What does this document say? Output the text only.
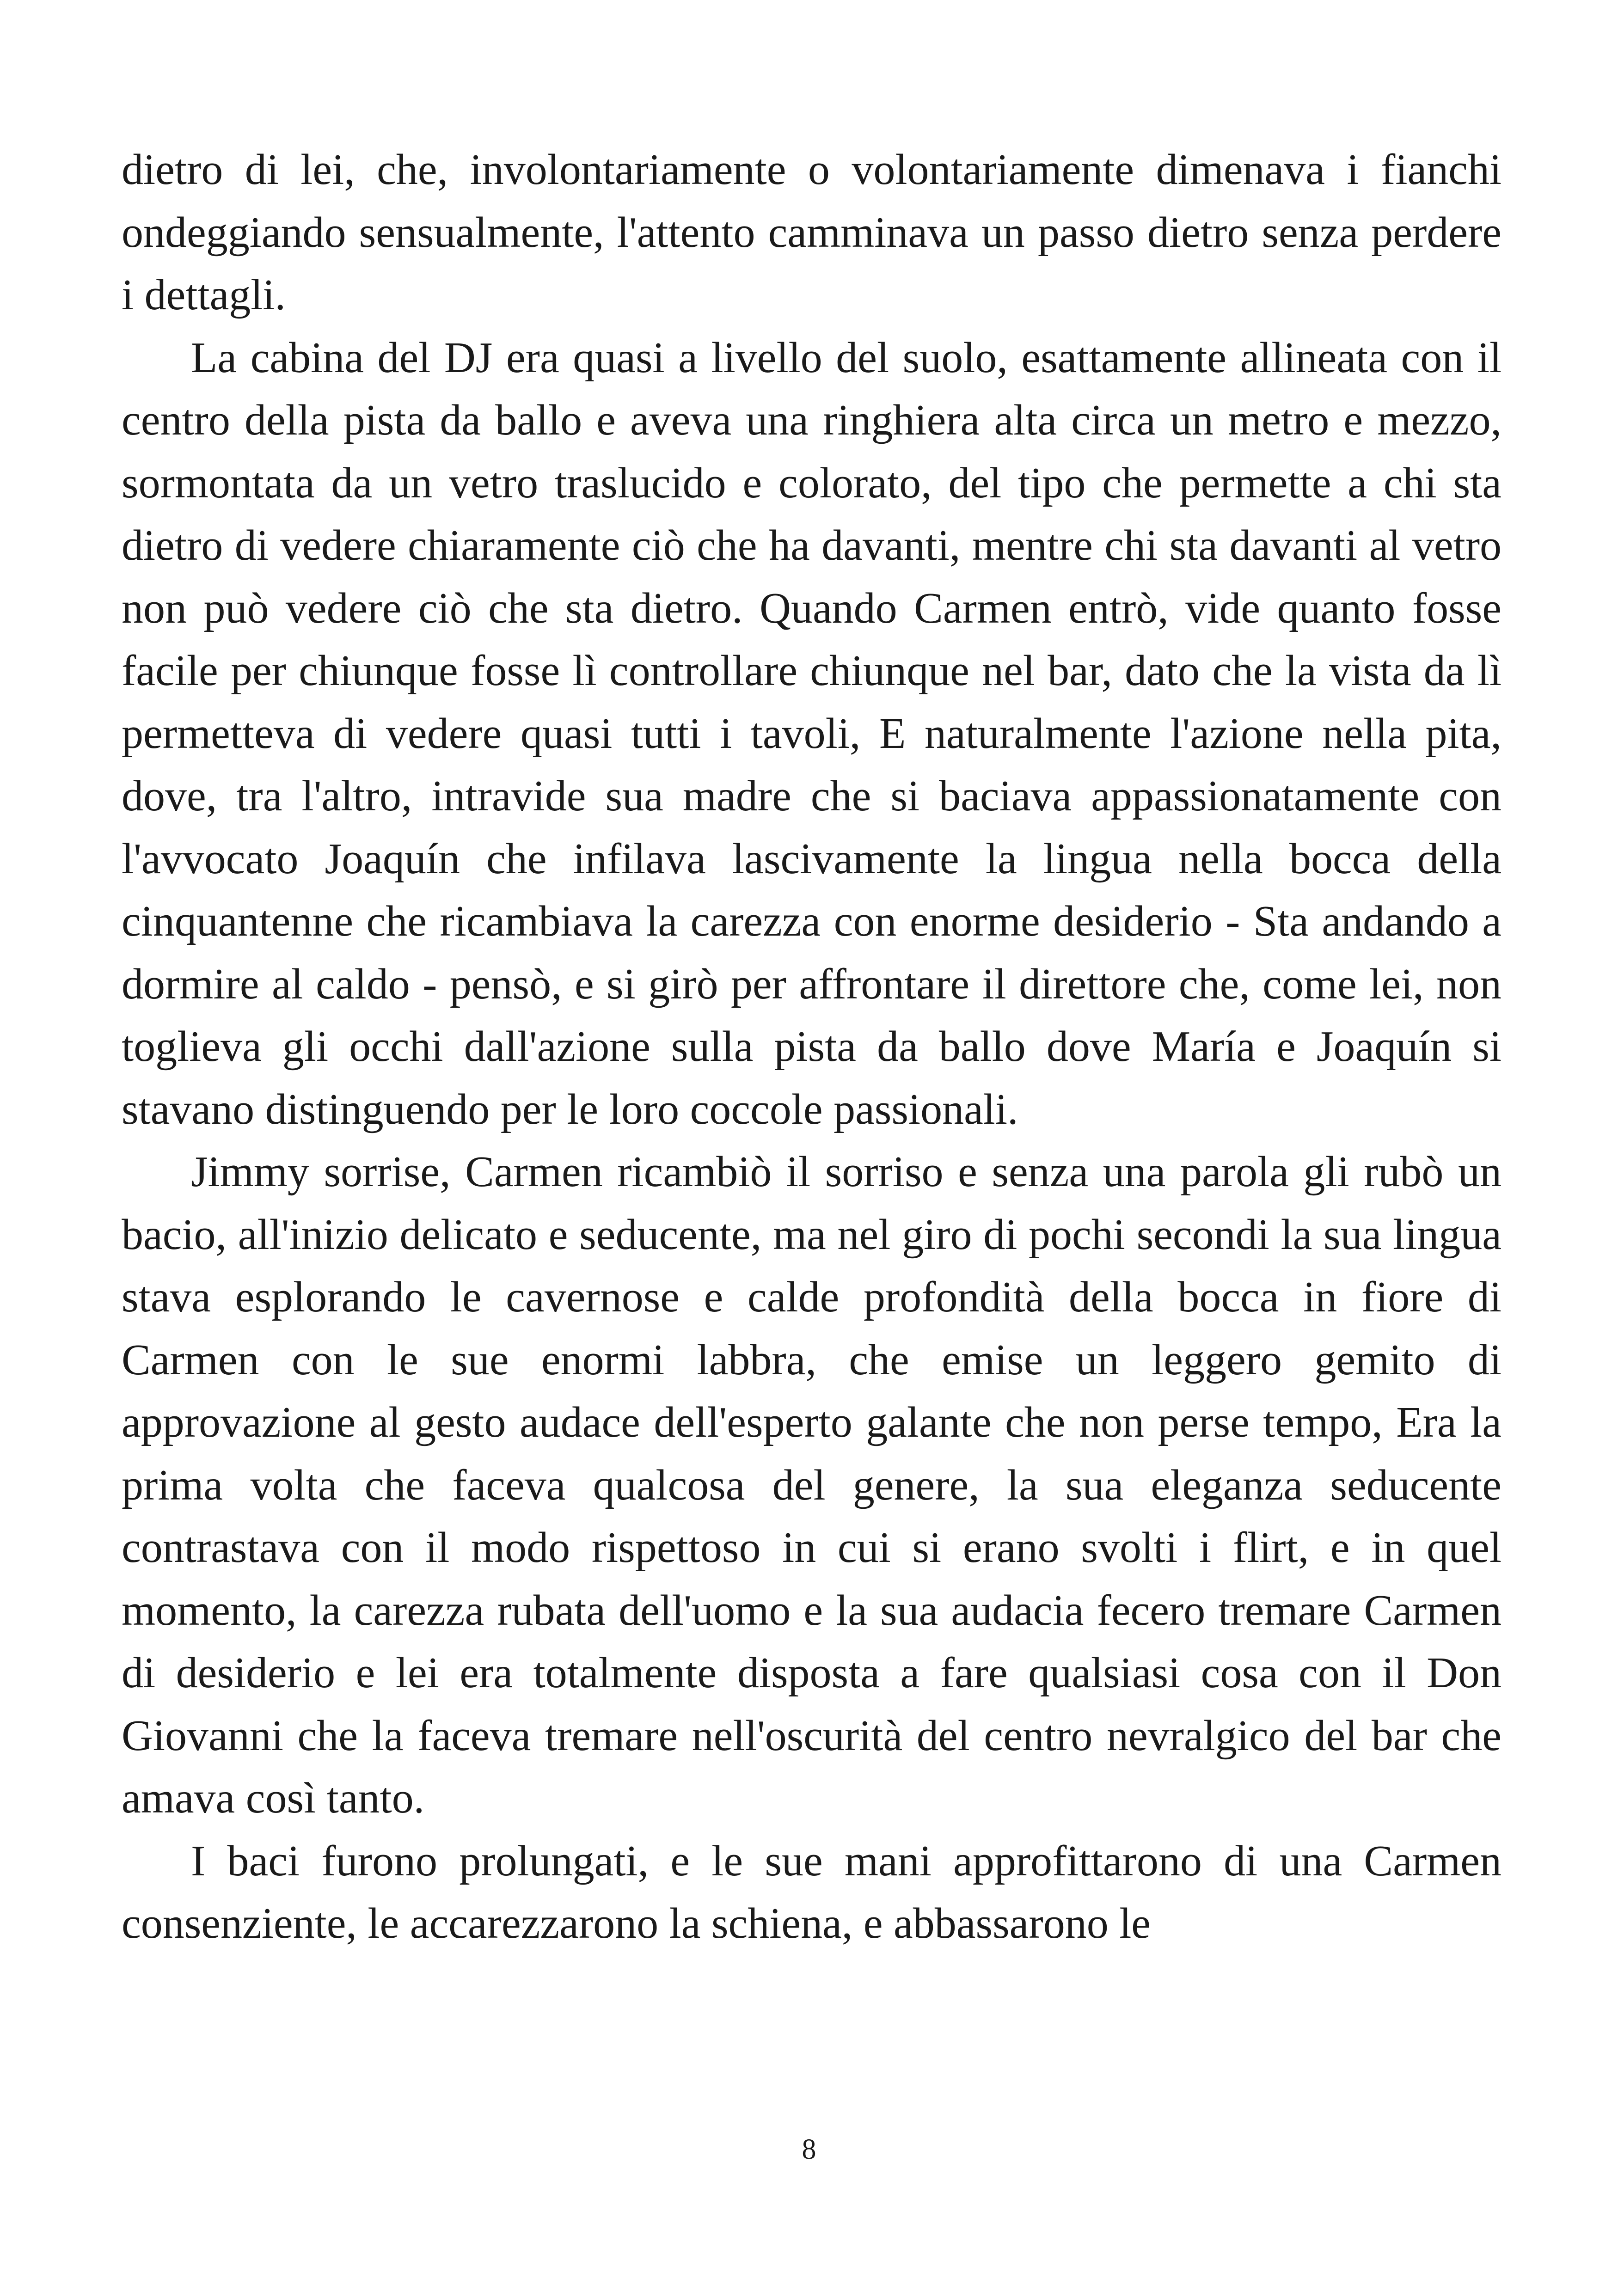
dietro di lei, che, involontariamente o volontariamente dimenava i fianchi ondeggiando sensualmente, l'attento camminava un passo dietro senza perdere i dettagli.

La cabina del DJ era quasi a livello del suolo, esattamente allineata con il centro della pista da ballo e aveva una ringhiera alta circa un metro e mezzo, sormontata da un vetro traslucido e colorato, del tipo che permette a chi sta dietro di vedere chiaramente ciò che ha davanti, mentre chi sta davanti al vetro non può vedere ciò che sta dietro. Quando Carmen entrò, vide quanto fosse facile per chiunque fosse lì controllare chiunque nel bar, dato che la vista da lì permetteva di vedere quasi tutti i tavoli, E naturalmente l'azione nella pita, dove, tra l'altro, intravide sua madre che si baciava appassionatamente con l'avvocato Joaquín che infilava lascivamente la lingua nella bocca della cinquantenne che ricambiava la carezza con enorme desiderio - Sta andando a dormire al caldo - pensò, e si girò per affrontare il direttore che, come lei, non toglieva gli occhi dall'azione sulla pista da ballo dove María e Joaquín si stavano distinguendo per le loro coccole passionali.

Jimmy sorrise, Carmen ricambiò il sorriso e senza una parola gli rubò un bacio, all'inizio delicato e seducente, ma nel giro di pochi secondi la sua lingua stava esplorando le cavernose e calde profondità della bocca in fiore di Carmen con le sue enormi labbra, che emise un leggero gemito di approvazione al gesto audace dell'esperto galante che non perse tempo, Era la prima volta che faceva qualcosa del genere, la sua eleganza seducente contrastava con il modo rispettoso in cui si erano svolti i flirt, e in quel momento, la carezza rubata dell'uomo e la sua audacia fecero tremare Carmen di desiderio e lei era totalmente disposta a fare qualsiasi cosa con il Don Giovanni che la faceva tremare nell'oscurità del centro nevralgico del bar che amava così tanto.

I baci furono prolungati, e le sue mani approfittarono di una Carmen consenziente, le accarezzarono la schiena, e abbassarono le

8
